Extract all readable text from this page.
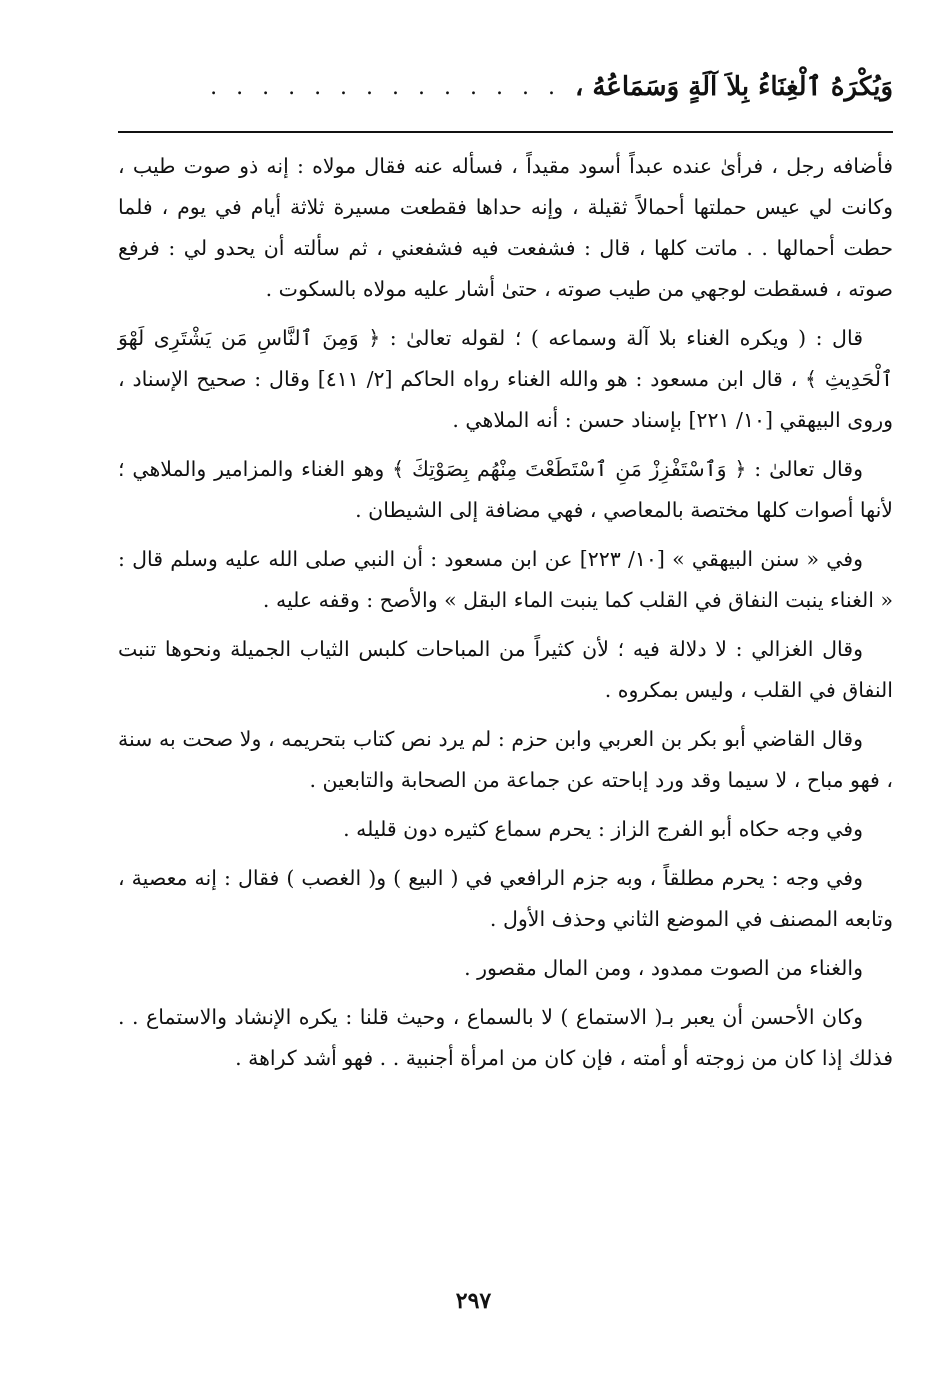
وَيُكْرَهُ ٱلْغِنَاءُ بِلاَ آلَةٍ وَسَمَاعُهُ ،
. . . . . . . . . . . . . .

فأضافه رجل ، فرأىٰ عنده عبداً أسود مقيداً ، فسأله عنه فقال مولاه : إنه ذو صوت طيب ، وكانت لي عيس حملتها أحمالاً ثقيلة ، وإنه حداها فقطعت مسيرة ثلاثة أيام في يوم ، فلما حطت أحمالها . . ماتت كلها ، قال : فشفعت فيه فشفعني ، ثم سألته أن يحدو لي : فرفع صوته ، فسقطت لوجهي من طيب صوته ، حتىٰ أشار عليه مولاه بالسكوت .

قال : ( ويكره الغناء بلا آلة وسماعه ) ؛ لقوله تعالىٰ : ﴿ وَمِنَ ٱلنَّاسِ مَن يَشْتَرِى لَهْوَ ٱلْحَدِيثِ ﴾ ، قال ابن مسعود : هو والله الغناء رواه الحاكم [٢/ ٤١١] وقال : صحيح الإسناد ، وروى البيهقي [١٠/ ٢٢١] بإسناد حسن : أنه الملاهي .

وقال تعالىٰ : ﴿ وَٱسْتَفْزِزْ مَنِ ٱسْتَطَعْتَ مِنْهُم بِصَوْتِكَ ﴾ وهو الغناء والمزامير والملاهي ؛ لأنها أصوات كلها مختصة بالمعاصي ، فهي مضافة إلى الشيطان .

وفي « سنن البيهقي » [١٠/ ٢٢٣] عن ابن مسعود : أن النبي صلى الله عليه وسلم قال : « الغناء ينبت النفاق في القلب كما ينبت الماء البقل » والأصح : وقفه عليه .

وقال الغزالي : لا دلالة فيه ؛ لأن كثيراً من المباحات كلبس الثياب الجميلة ونحوها تنبت النفاق في القلب ، وليس بمكروه .

وقال القاضي أبو بكر بن العربي وابن حزم : لم يرد نص كتاب بتحريمه ، ولا صحت به سنة ، فهو مباح ، لا سيما وقد ورد إباحته عن جماعة من الصحابة والتابعين .

وفي وجه حكاه أبو الفرج الزاز : يحرم سماع كثيره دون قليله .

وفي وجه : يحرم مطلقاً ، وبه جزم الرافعي في ( البيع ) و( الغصب ) فقال : إنه معصية ، وتابعه المصنف في الموضع الثاني وحذف الأول .

والغناء من الصوت ممدود ، ومن المال مقصور .

وكان الأحسن أن يعبر بـ( الاستماع ) لا بالسماع ، وحيث قلنا : يكره الإنشاد والاستماع . . فذلك إذا كان من زوجته أو أمته ، فإن كان من امرأة أجنبية . . فهو أشد كراهة .

٢٩٧
